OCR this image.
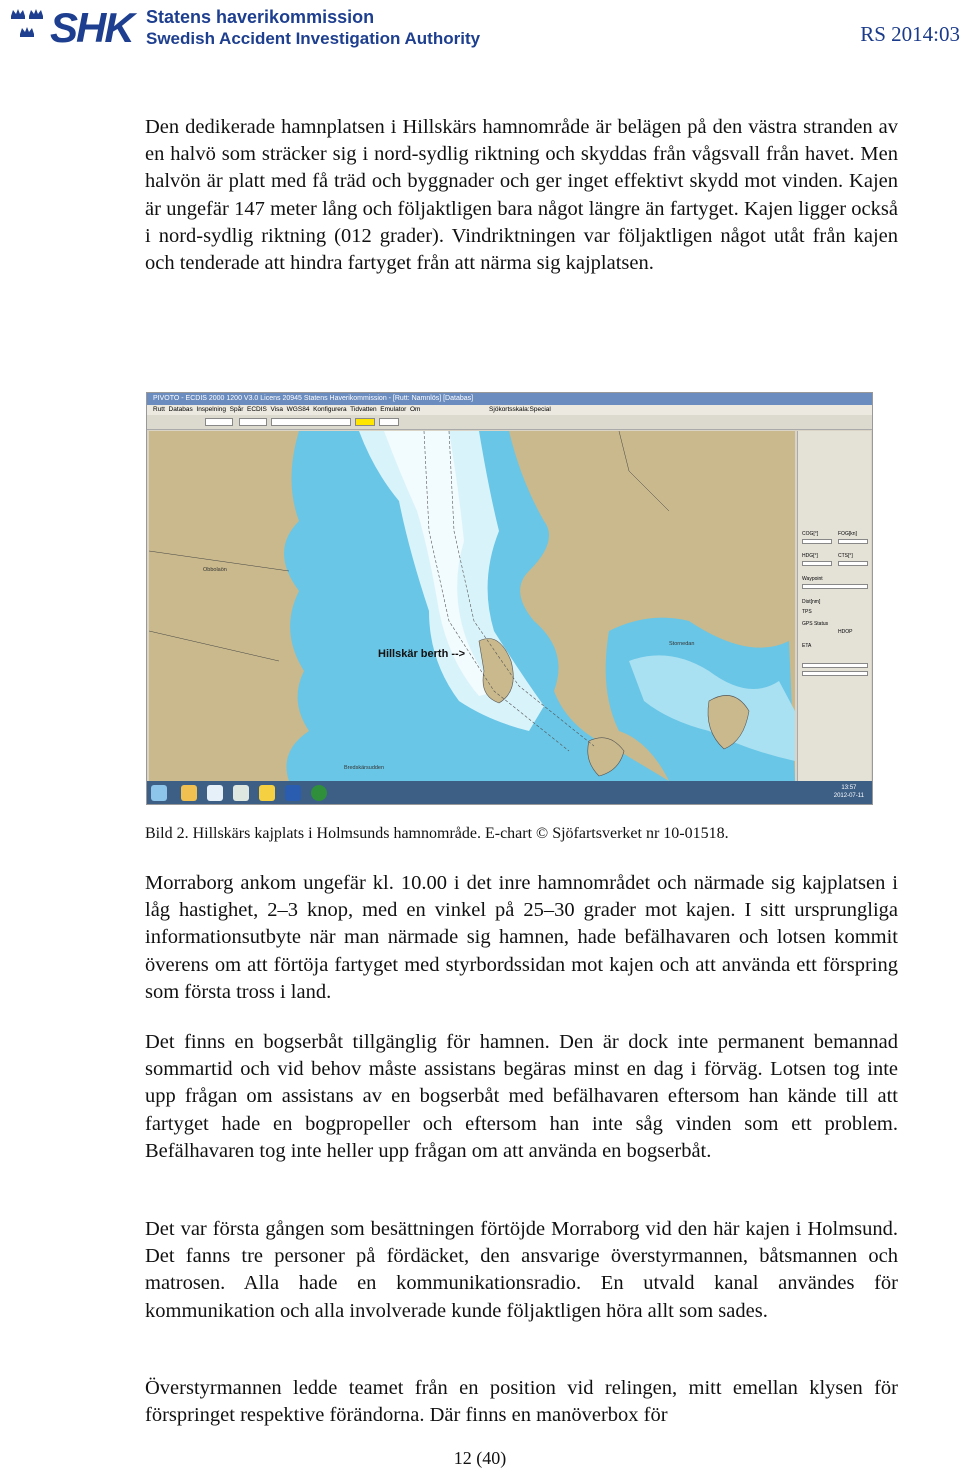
SHK Statens haverikommission
Swedish Accident Investigation Authority	RS 2014:03

Den dedikerade hamnplatsen i Hillskärs hamnområde är belägen på den västra stranden av en halvö som sträcker sig i nord-sydlig riktning och skyddas från vågsvall från havet. Men halvön är platt med få träd och byggnader och ger inget effektivt skydd mot vinden. Kajen är ungefär 147 meter lång och följaktligen bara något längre än fartyget. Kajen ligger också i nord-sydlig riktning (012 grader). Vindriktningen var följaktligen något utåt från kajen och tenderade att hindra fartyget från att närma sig kajplatsen.

PIVOTO - ECDIS 2000 1200 V3.0 Licens 20945 Statens Haverikommission - [Rutt: Namnlös] [Databas]
Rutt Databas Inspelning Spår ECDIS Visa WGS84 Konfigurera Tidvatten Emulator Om	Sjökortsskala:Special
Hillskär berth -->
Obbolaön
Bredskärsudden
Stornedan
COG[°]	FOG[kn]
HDG[°]	CTS[°]
Waypoint
Dist[nm]
TPS
GPS Status
HDOP
ETA
13:57
2012-07-11
Bild 2. Hillskärs kajplats i Holmsunds hamnområde. E-chart © Sjöfartsverket nr 10-01518.

Morraborg ankom ungefär kl. 10.00 i det inre hamnområdet och närmade sig kajplatsen i låg hastighet, 2–3 knop, med en vinkel på 25–30 grader mot kajen. I sitt ursprungliga informationsutbyte när man närmade sig hamnen, hade befälhavaren och lotsen kommit överens om att förtöja fartyget med styrbordssidan mot kajen och att använda ett förspring som första tross i land.

Det finns en bogserbåt tillgänglig för hamnen. Den är dock inte permanent bemannad sommartid och vid behov måste assistans begäras minst en dag i förväg. Lotsen tog inte upp frågan om assistans av en bogserbåt med befälhavaren eftersom han kände till att fartyget hade en bogpropeller och eftersom han inte såg vinden som ett problem. Befälhavaren tog inte heller upp frågan om att använda en bogserbåt.

Det var första gången som besättningen förtöjde Morraborg vid den här kajen i Holmsund. Det fanns tre personer på fördäcket, den ansvarige överstyrmannen, båtsmannen och matrosen. Alla hade en kommunikationsradio. En utvald kanal användes för kommunikation och alla involverade kunde följaktligen höra allt som sades.

Överstyrmannen ledde teamet från en position vid relingen, mitt emellan klysen för förspringet respektive förändorna. Där finns en manöverbox för

12 (40)
